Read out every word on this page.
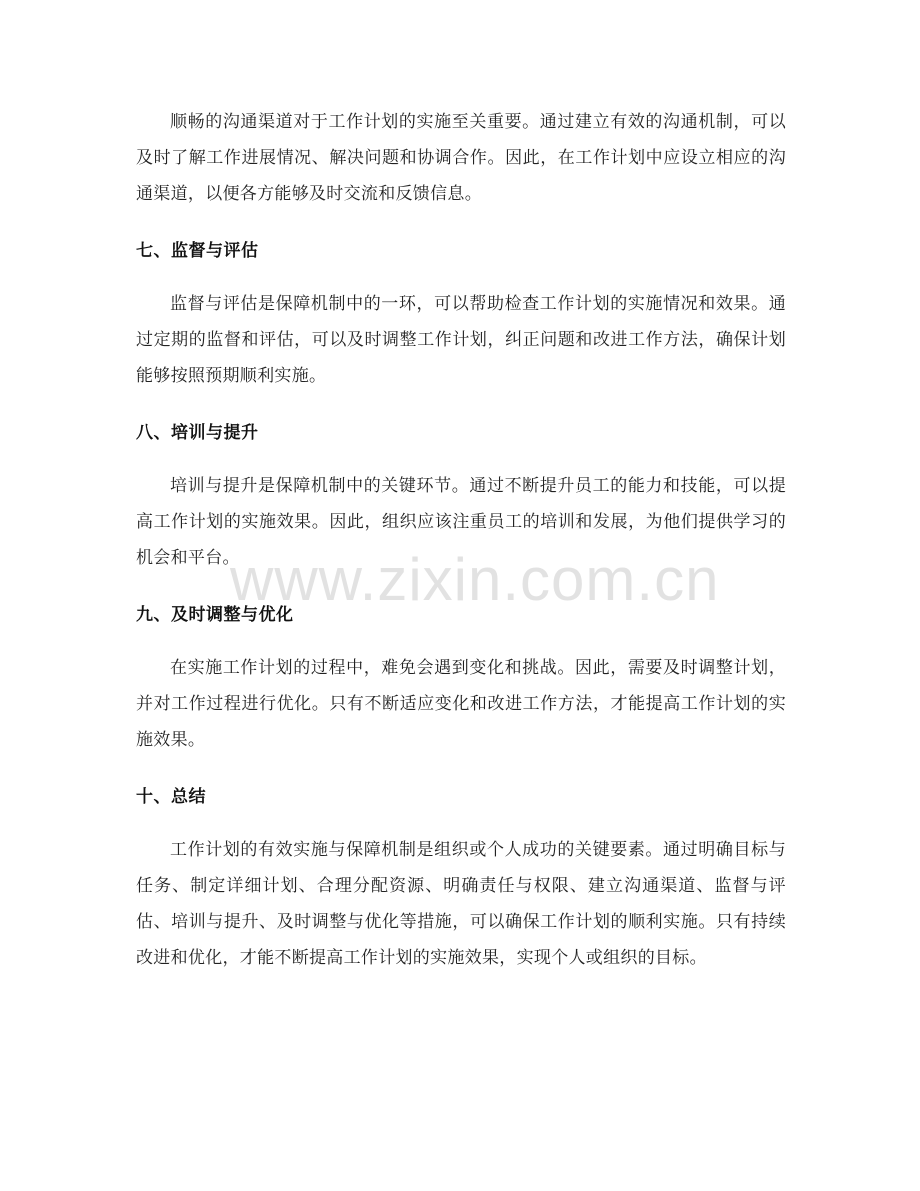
www.zixin.com.cn

顺畅的沟通渠道对于工作计划的实施至关重要。通过建立有效的沟通机制，可以及时了解工作进展情况、解决问题和协调合作。因此，在工作计划中应设立相应的沟通渠道，以便各方能够及时交流和反馈信息。

七、监督与评估

监督与评估是保障机制中的一环，可以帮助检查工作计划的实施情况和效果。通过定期的监督和评估，可以及时调整工作计划，纠正问题和改进工作方法，确保计划能够按照预期顺利实施。

八、培训与提升

培训与提升是保障机制中的关键环节。通过不断提升员工的能力和技能，可以提高工作计划的实施效果。因此，组织应该注重员工的培训和发展，为他们提供学习的机会和平台。

九、及时调整与优化

在实施工作计划的过程中，难免会遇到变化和挑战。因此，需要及时调整计划，并对工作过程进行优化。只有不断适应变化和改进工作方法，才能提高工作计划的实施效果。

十、总结

工作计划的有效实施与保障机制是组织或个人成功的关键要素。通过明确目标与任务、制定详细计划、合理分配资源、明确责任与权限、建立沟通渠道、监督与评估、培训与提升、及时调整与优化等措施，可以确保工作计划的顺利实施。只有持续改进和优化，才能不断提高工作计划的实施效果，实现个人或组织的目标。
